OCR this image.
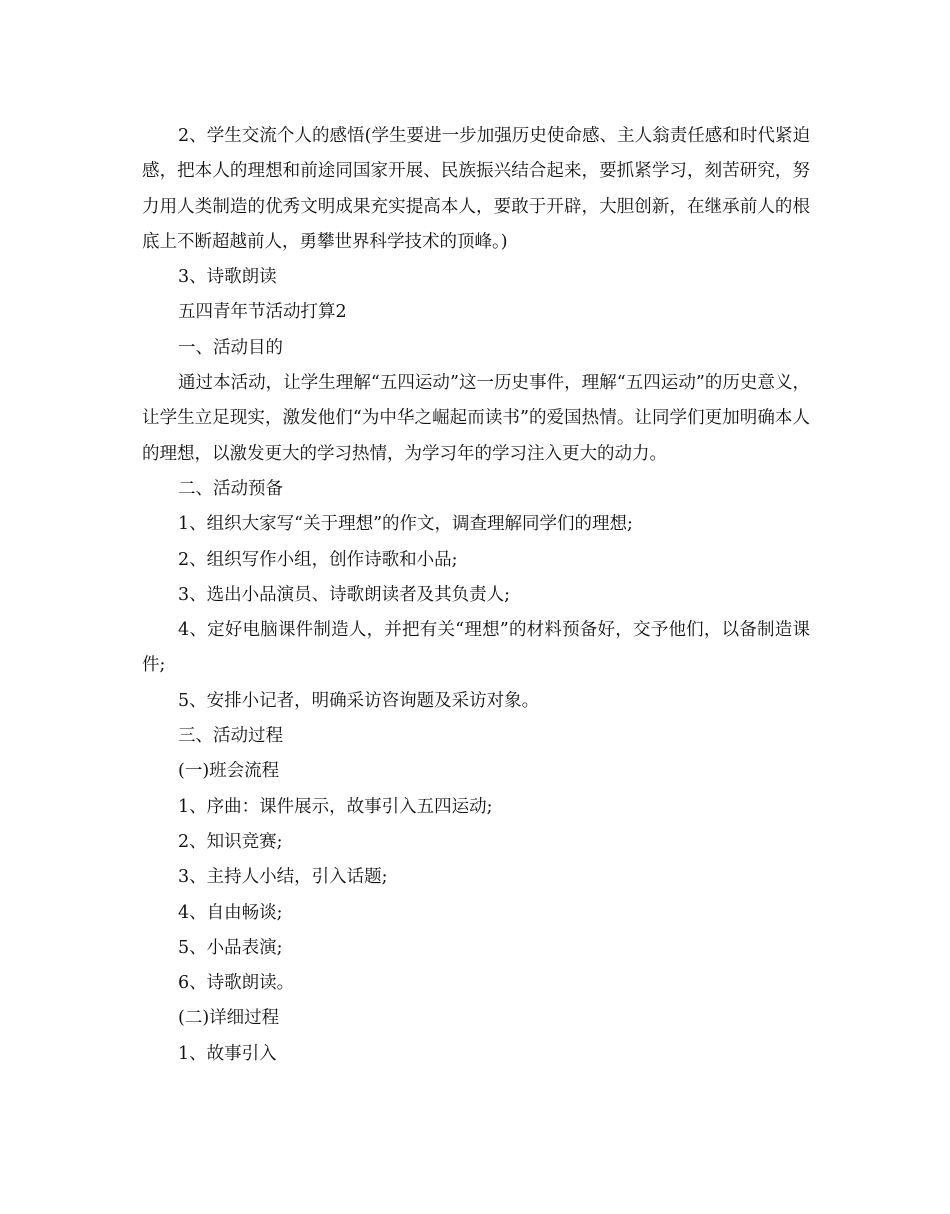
2、学生交流个人的感悟(学生要进一步加强历史使命感、主人翁责任感和时代紧迫感，把本人的理想和前途同国家开展、民族振兴结合起来，要抓紧学习，刻苦研究，努力用人类制造的优秀文明成果充实提高本人，要敢于开辟，大胆创新，在继承前人的根底上不断超越前人，勇攀世界科学技术的顶峰。)

3、诗歌朗读

五四青年节活动打算2

一、活动目的

通过本活动，让学生理解“五四运动”这一历史事件，理解“五四运动”的历史意义，让学生立足现实，激发他们“为中华之崛起而读书”的爱国热情。让同学们更加明确本人的理想，以激发更大的学习热情，为学习年的学习注入更大的动力。

二、活动预备

1、组织大家写“关于理想”的作文，调查理解同学们的理想;

2、组织写作小组，创作诗歌和小品;

3、选出小品演员、诗歌朗读者及其负责人;

4、定好电脑课件制造人，并把有关“理想”的材料预备好，交予他们，以备制造课件;

5、安排小记者，明确采访咨询题及采访对象。

三、活动过程

(一)班会流程

1、序曲：课件展示，故事引入五四运动;

2、知识竞赛;

3、主持人小结，引入话题;

4、自由畅谈;

5、小品表演;

6、诗歌朗读。

(二)详细过程

1、故事引入
